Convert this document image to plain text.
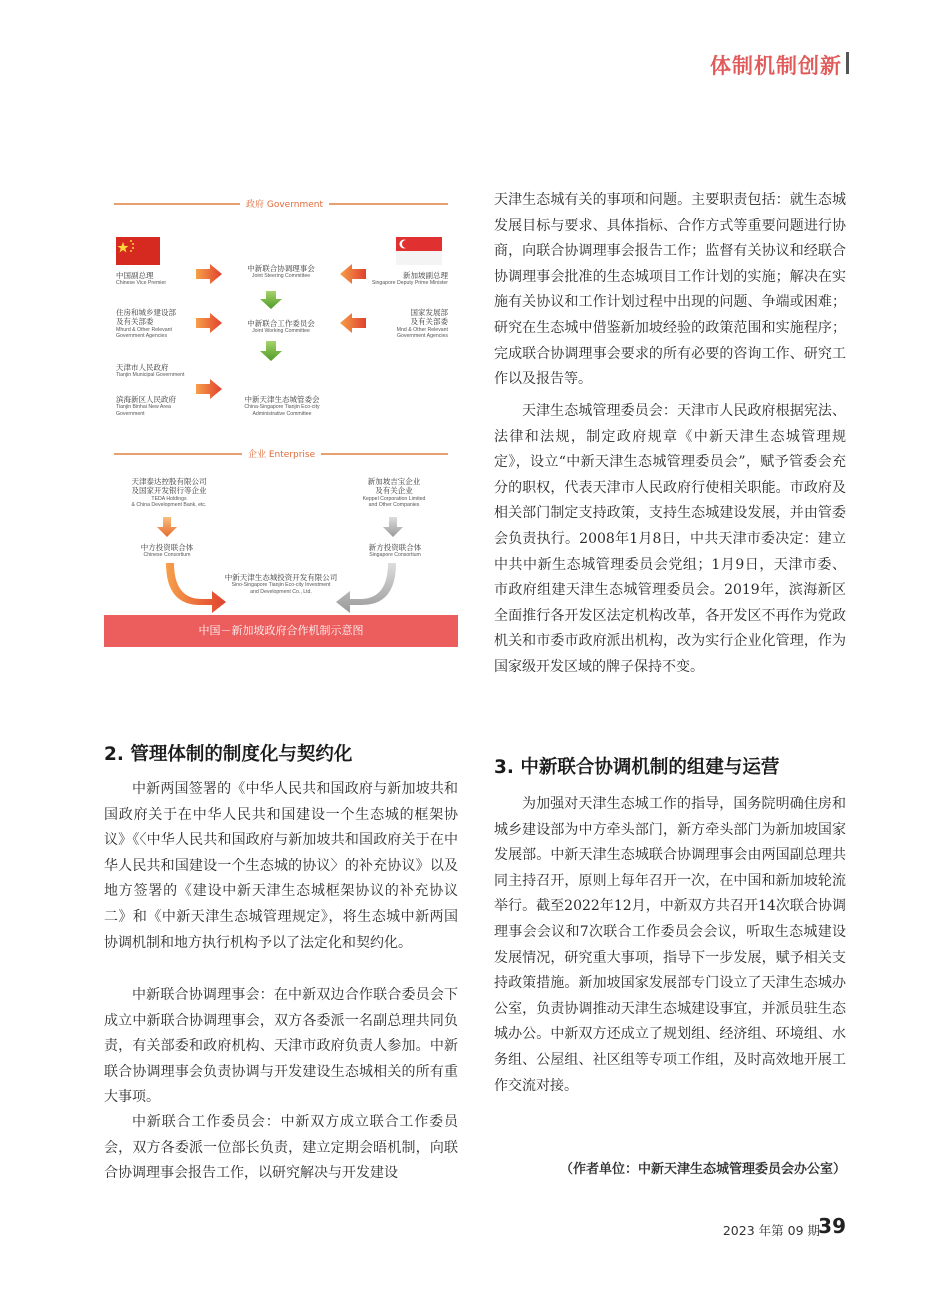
体制机制创新
政府 Government
企业 Enterprise
中国副总理
Chinese Vice Premier
中新联合协调理事会
Joint Steering Committee	新加坡副总理
Singapore Deputy Prime Minister
住房和城乡建设部
及有关部委
Mhurd & Other Relevant
Government Agencies
中新联合工作委员会
Joint Working Committee
国家发展部
及有关部委
Mnd & Other Relevant
Government Agencies
天津市人民政府
Tianjin Municipal Government
滨海新区人民政府
Tianjin Binhai New Area
Government
中新天津生态城管委会
China-Singapore Tianjin Eco-city
Administrative Committee
天津泰达控股有限公司
及国家开发银行等企业
TEDA Holdings
& China Development Bank, etc.
新加坡吉宝企业
及有关企业
Keppel Corporation Limited
and Other Companies
中方投资联合体
Chinese Consortium
新方投资联合体
Singapore Consortium
中新天津生态城投资开发有限公司
Sino-Singapore Tianjin Eco-city Investment
and Development Co., Ltd.
中国－新加坡政府合作机制示意图

天津生态城有关的事项和问题。主要职责包括：就生态城发展目标与要求、具体指标、合作方式等重要问题进行协商，向联合协调理事会报告工作；监督有关协议和经联合协调理事会批准的生态城项目工作计划的实施；解决在实施有关协议和工作计划过程中出现的问题、争端或困难；研究在生态城中借鉴新加坡经验的政策范围和实施程序；完成联合协调理事会要求的所有必要的咨询工作、研究工作以及报告等。

天津生态城管理委员会：天津市人民政府根据宪法、法律和法规，制定政府规章《中新天津生态城管理规定》，设立“中新天津生态城管理委员会”，赋予管委会充分的职权，代表天津市人民政府行使相关职能。市政府及相关部门制定支持政策，支持生态城建设发展，并由管委会负责执行。2008年1月8日，中共天津市委决定：建立中共中新生态城管理委员会党组；1月9日，天津市委、市政府组建天津生态城管理委员会。2019年，滨海新区全面推行各开发区法定机构改革，各开发区不再作为党政机关和市委市政府派出机构，改为实行企业化管理，作为国家级开发区域的牌子保持不变。

2. 管理体制的制度化与契约化

中新两国签署的《中华人民共和国政府与新加坡共和国政府关于在中华人民共和国建设一个生态城的框架协议》《〈中华人民共和国政府与新加坡共和国政府关于在中华人民共和国建设一个生态城的协议〉的补充协议》以及地方签署的《建设中新天津生态城框架协议的补充协议二》和《中新天津生态城管理规定》，将生态城中新两国协调机制和地方执行机构予以了法定化和契约化。

中新联合协调理事会：在中新双边合作联合委员会下成立中新联合协调理事会，双方各委派一名副总理共同负责，有关部委和政府机构、天津市政府负责人参加。中新联合协调理事会负责协调与开发建设生态城相关的所有重大事项。

中新联合工作委员会：中新双方成立联合工作委员会，双方各委派一位部长负责，建立定期会晤机制，向联合协调理事会报告工作，以研究解决与开发建设

3. 中新联合协调机制的组建与运营

为加强对天津生态城工作的指导，国务院明确住房和城乡建设部为中方牵头部门，新方牵头部门为新加坡国家发展部。中新天津生态城联合协调理事会由两国副总理共同主持召开，原则上每年召开一次，在中国和新加坡轮流举行。截至2022年12月，中新双方共召开14次联合协调理事会会议和7次联合工作委员会会议，听取生态城建设发展情况，研究重大事项，指导下一步发展，赋予相关支持政策措施。新加坡国家发展部专门设立了天津生态城办公室，负责协调推动天津生态城建设事宜，并派员驻生态城办公。中新双方还成立了规划组、经济组、环境组、水务组、公屋组、社区组等专项工作组，及时高效地开展工作交流对接。

（作者单位：中新天津生态城管理委员会办公室）
2023 年第 09 期
39
